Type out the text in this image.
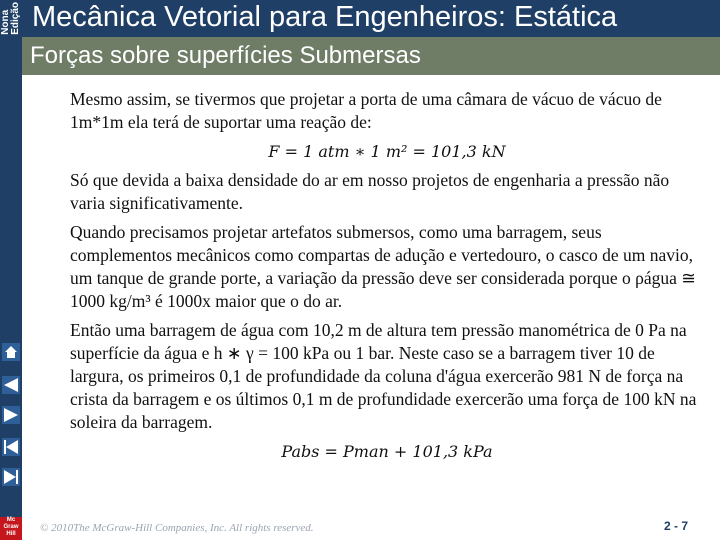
Nona
Edição
Mc Graw Hill
Mecânica Vetorial para Engenheiros: Estática
Forças sobre superfícies Submersas

Mesmo assim, se tivermos que projetar a porta de uma câmara de vácuo de vácuo de 1m*1m ela terá de suportar uma reação de:

F = 1 atm ∗ 1 m² = 101,3 kN

Só que devida a baixa densidade do ar em nosso projetos de engenharia a pressão não varia significativamente.

Quando precisamos projetar artefatos submersos, como uma barragem, seus complementos mecânicos como compartas de adução e vertedouro, o casco de um navio, um tanque de grande porte, a variação da pressão deve ser considerada porque o ρágua ≅ 1000 kg/m³ é 1000x maior que o do ar.

Então uma barragem de água com 10,2 m de altura tem pressão manométrica de 0 Pa na superfície da água e h ∗ γ = 100 kPa ou 1 bar. Neste caso se a barragem tiver 10 de largura, os primeiros 0,1 de profundidade da coluna d'água exercerão 981 N de força na crista da barragem e os últimos 0,1 m de profundidade exercerão uma força de 100 kN na soleira da barragem.

Pabs = Pman + 101,3 kPa

© 2010The McGraw-Hill Companies, Inc. All rights reserved.	2 - 7
